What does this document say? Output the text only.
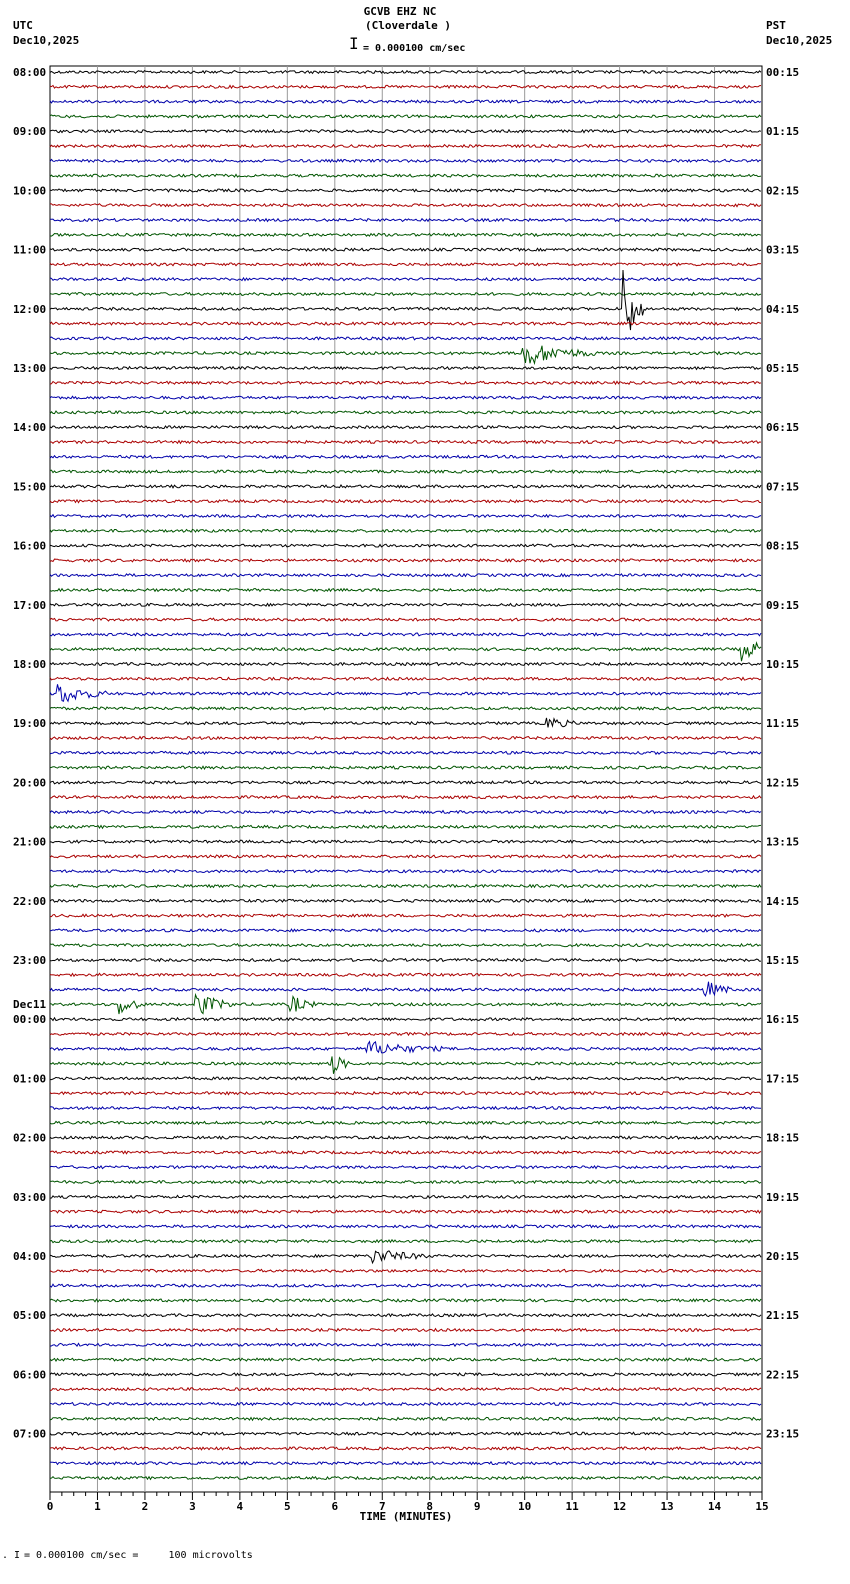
GCVB EHZ NC
(Cloverdale )
I = 0.000100 cm/sec
UTC
Dec10,2025
PST
Dec10,2025
08:00
09:00
10:00
11:00
12:00
13:00
14:00
15:00
16:00
17:00
18:00
19:00
20:00
21:00
22:00
23:00
00:00
01:00
02:00
03:00
04:00
05:00
06:00
07:00
00:15
01:15
02:15
03:15
04:15
05:15
06:15
07:15
08:15
09:15
10:15
11:15
12:15
13:15
14:15
15:15
16:15
17:15
18:15
19:15
20:15
21:15
22:15
23:15
Dec11
0	1	2	3	4	5	6	7	8	9	10	11	12	13	14	15
TIME (MINUTES)
. I = 0.000100 cm/sec =     100 microvolts
